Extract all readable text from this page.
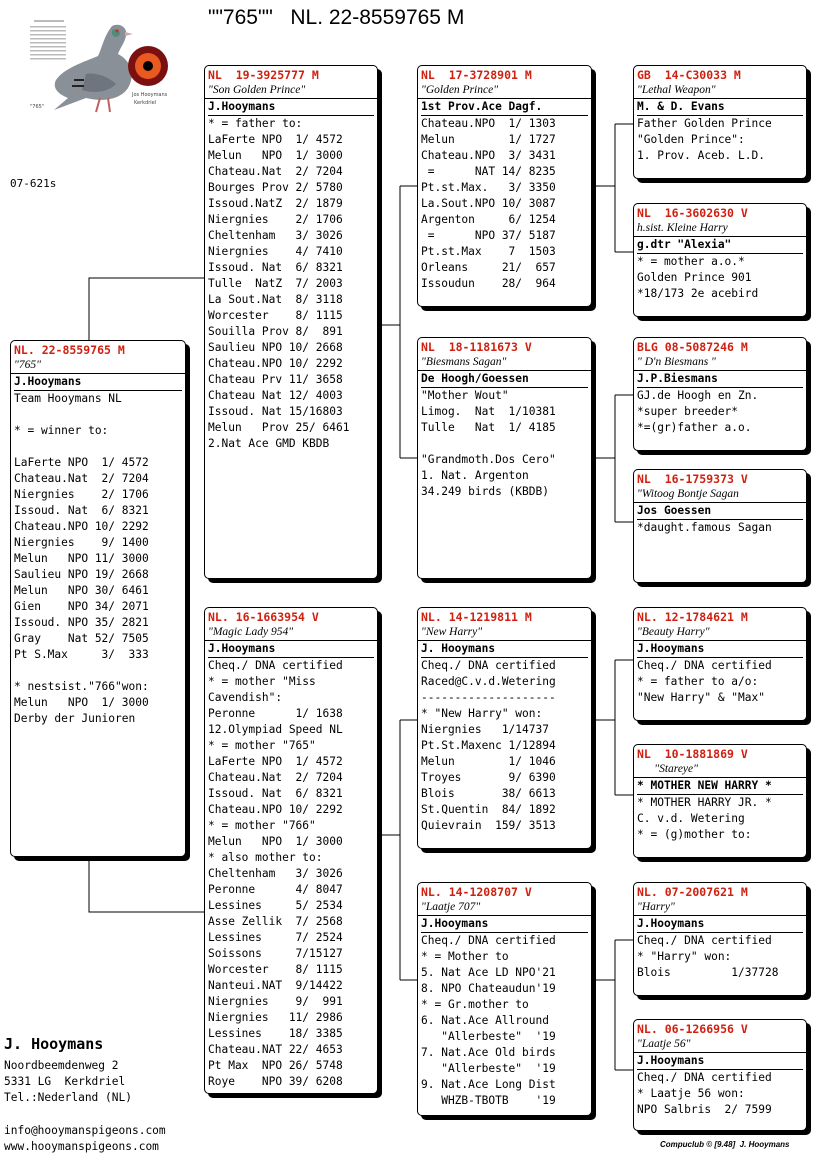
""765""   NL. 22-8559765 M
"765"
Jos Hooymans
Kerkdriel
07-621s
NL. 22-8559765 M
"765"
J.Hooymans
Team Hooymans NL
* = winner to:
LaFerte NPO  1/ 4572
Chateau.Nat  2/ 7204
Niergnies    2/ 1706
Issoud. Nat  6/ 8321
Chateau.NPO 10/ 2292
Niergnies    9/ 1400
Melun   NPO 11/ 3000
Saulieu NPO 19/ 2668
Melun   NPO 30/ 6461
Gien    NPO 34/ 2071
Issoud. NPO 35/ 2821
Gray    Nat 52/ 7505
Pt S.Max     3/  333
* nestsist."766"won:
Melun   NPO  1/ 3000
Derby der Junioren
NL  19-3925777 M
"Son Golden Prince"
J.Hooymans
* = father to:
LaFerte NPO  1/ 4572
Melun   NPO  1/ 3000
Chateau.Nat  2/ 7204
Bourges Prov 2/ 5780
Issoud.NatZ  2/ 1879
Niergnies    2/ 1706
Cheltenham   3/ 3026
Niergnies    4/ 7410
Issoud. Nat  6/ 8321
Tulle  NatZ  7/ 2003
La Sout.Nat  8/ 3118
Worcester    8/ 1115
Souilla Prov 8/  891
Saulieu NPO 10/ 2668
Chateau.NPO 10/ 2292
Chateau Prv 11/ 3658
Chateau Nat 12/ 4003
Issoud. Nat 15/16803
Melun   Prov 25/ 6461
2.Nat Ace GMD KBDB
NL. 16-1663954 V
"Magic Lady 954"
J.Hooymans
Cheq./ DNA certified
* = mother "Miss
Cavendish":
Peronne      1/ 1638
12.Olympiad Speed NL
* = mother "765"
LaFerte NPO  1/ 4572
Chateau.Nat  2/ 7204
Issoud. Nat  6/ 8321
Chateau.NPO 10/ 2292
* = mother "766"
Melun   NPO  1/ 3000
* also mother to:
Cheltenham   3/ 3026
Peronne      4/ 8047
Lessines     5/ 2534
Asse Zellik  7/ 2568
Lessines     7/ 2524
Soissons     7/15127
Worcester    8/ 1115
Nanteui.NAT  9/14422
Niergnies    9/  991
Niergnies   11/ 2986
Lessines    18/ 3385
Chateau.NAT 22/ 4653
Pt Max  NPO 26/ 5748
Roye    NPO 39/ 6208
NL  17-3728901 M
"Golden Prince"
1st Prov.Ace Dagf.
Chateau.NPO  1/ 1303
Melun        1/ 1727
Chateau.NPO  3/ 3431
=      NAT 14/ 8235
Pt.st.Max.   3/ 3350
La.Sout.NPO 10/ 3087
Argenton     6/ 1254
=      NPO 37/ 5187
Pt.st.Max    7  1503
Orleans     21/  657
Issoudun    28/  964
NL  18-1181673 V
"Biesmans Sagan"
De Hoogh/Goessen
"Mother Wout"
Limog.  Nat  1/10381
Tulle   Nat  1/ 4185
"Grandmoth.Dos Cero"
1. Nat. Argenton
34.249 birds (KBDB)
NL. 14-1219811 M
"New Harry"
J. Hooymans
Cheq./ DNA certified
Raced@C.v.d.Wetering
--------------------
* "New Harry" won:
Niergnies   1/14737
Pt.St.Maxenc 1/12894
Melun        1/ 1046
Troyes       9/ 6390
Blois       38/ 6613
St.Quentin  84/ 1892
Quievrain  159/ 3513
NL. 14-1208707 V
"Laatje 707"
J.Hooymans
Cheq./ DNA certified
* = Mother to
5. Nat Ace LD NPO'21
8. NPO Chateaudun'19
* = Gr.mother to
6. Nat.Ace Allround
"Allerbeste"  '19
7. Nat.Ace Old birds
"Allerbeste"  '19
9. Nat.Ace Long Dist
WHZB-TBOTB    '19
GB  14-C30033 M
"Lethal Weapon"
M. & D. Evans
Father Golden Prince
"Golden Prince":
1. Prov. Aceb. L.D.
NL  16-3602630 V
h.sist. Kleine Harry
g.dtr "Alexia"
* = mother a.o.*
Golden Prince 901
*18/173 2e acebird
BLG 08-5087246 M
" D'n Biesmans "
J.P.Biesmans
GJ.de Hoogh en Zn.
*super breeder*
*=(gr)father a.o.
NL  16-1759373 V
"Witoog Bontje Sagan
Jos Goessen
*daught.famous Sagan
NL. 12-1784621 M
"Beauty Harry"
J.Hooymans
Cheq./ DNA certified
* = father to a/o:
"New Harry" & "Max"
NL  10-1881869 V
"Stareye"
* MOTHER NEW HARRY *
* MOTHER HARRY JR. *
C. v.d. Wetering
* = (g)mother to:
NL. 07-2007621 M
"Harry"
J.Hooymans
Cheq./ DNA certified
* "Harry" won:
Blois         1/37728
NL. 06-1266956 V
"Laatje 56"
J.Hooymans
Cheq./ DNA certified
* Laatje 56 won:
NPO Salbris  2/ 7599
J. Hooymans
Noordbeemdenweg 2
5331 LG  Kerkdriel
Tel.:Nederland (NL)
info@hooymanspigeons.com
www.hooymanspigeons.com	Compuclub © [9.48]  J. Hooymans
